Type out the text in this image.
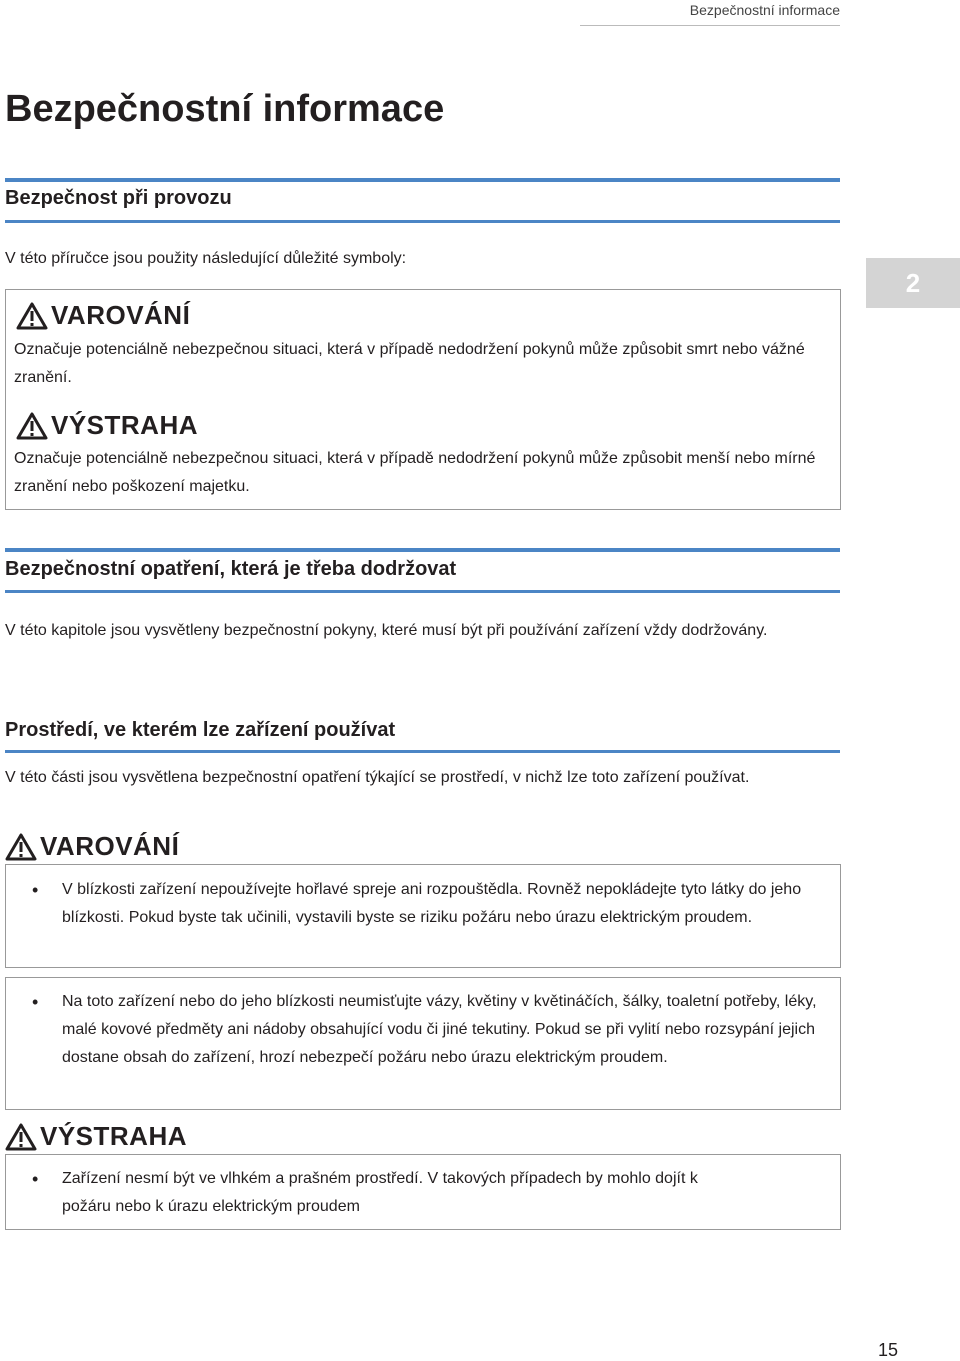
Bezpečnostní informace
Bezpečnostní informace
2
Bezpečnost při provozu
V této příručce jsou použity následující důležité symboly:
VAROVÁNÍ
Označuje potenciálně nebezpečnou situaci, která v případě nedodržení pokynů může způsobit smrt nebo vážné zranění.
VÝSTRAHA
Označuje potenciálně nebezpečnou situaci, která v případě nedodržení pokynů může způsobit menší nebo mírné zranění nebo poškození majetku.
Bezpečnostní opatření, která je třeba dodržovat
V této kapitole jsou vysvětleny bezpečnostní pokyny, které musí být při používání zařízení vždy dodržovány.
Prostředí, ve kterém lze zařízení používat
V této části jsou vysvětlena bezpečnostní opatření týkající se prostředí, v nichž lze toto zařízení používat.
VAROVÁNÍ
•	V blízkosti zařízení nepoužívejte hořlavé spreje ani rozpouštědla. Rovněž nepokládejte tyto látky do jeho blízkosti. Pokud byste tak učinili, vystavili byste se riziku požáru nebo úrazu elektrickým proudem.
•	Na toto zařízení nebo do jeho blízkosti neumisťujte vázy, květiny v květináčích, šálky, toaletní potřeby, léky, malé kovové předměty ani nádoby obsahující vodu či jiné tekutiny. Pokud se při vylití nebo rozsypání jejich dostane obsah do zařízení, hrozí nebezpečí požáru nebo úrazu elektrickým proudem.
VÝSTRAHA
•	Zařízení nesmí být ve vlhkém a prašném prostředí. V takových případech by mohlo dojít k požáru nebo k úrazu elektrickým proudem
15
